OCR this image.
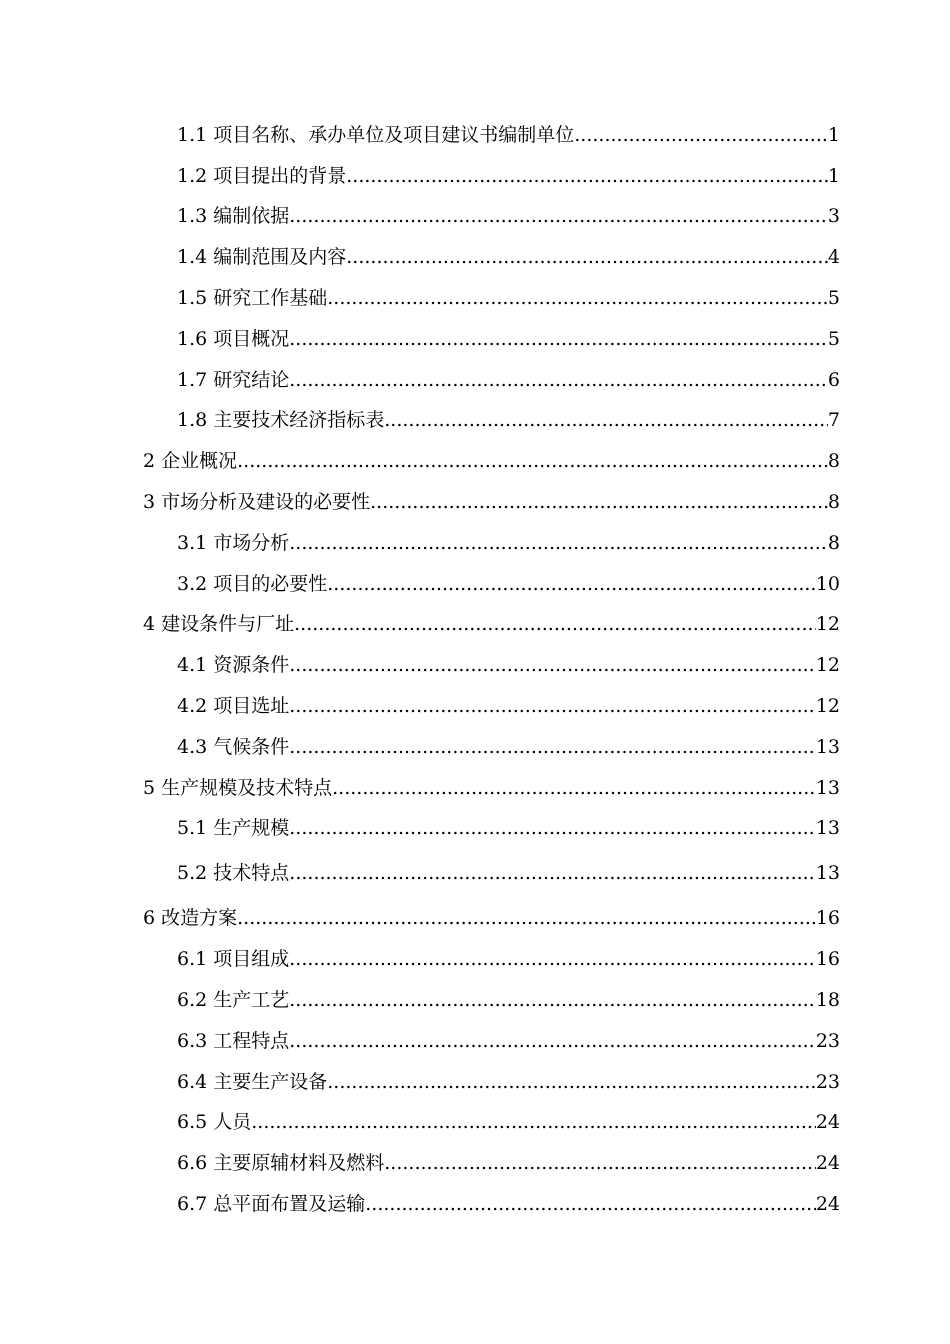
1.1 项目名称、承办单位及项目建议书编制单位 .....	1
1.2 项目提出的背景 .....	1
1.3 编制依据 .....	3
1.4 编制范围及内容 .....	4
1.5 研究工作基础 .....	5
1.6 项目概况 .....	5
1.7 研究结论 .....	6
1.8 主要技术经济指标表 .....	7
2 企业概况 .....	8
3 市场分析及建设的必要性 .....	8
3.1 市场分析 .....	8
3.2 项目的必要性 .....	10
4 建设条件与厂址 .....	12
4.1 资源条件 .....	12
4.2 项目选址 .....	12
4.3 气候条件 .....	13
5 生产规模及技术特点 .....	13
5.1 生产规模 .....	13
5.2 技术特点 .....	13
6 改造方案 .....	16
6.1 项目组成 .....	16
6.2 生产工艺 .....	18
6.3 工程特点 .....	23
6.4 主要生产设备 .....	23
6.5 人员 .....	24
6.6 主要原辅材料及燃料 .....	24
6.7 总平面布置及运输 .....	24
